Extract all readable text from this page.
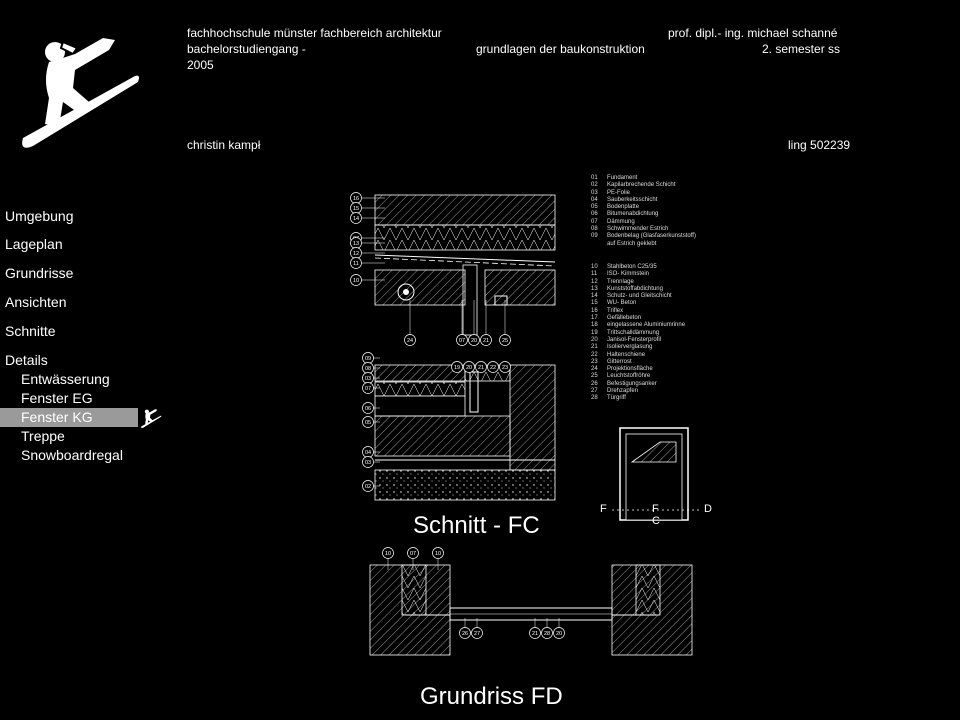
fachhochschule münster fachbereich architektur	prof. dipl.- ing. michael schanné
bachelorstudiengang -	grundlagen der baukonstruktion	2. semester ss
2005
christin kampł	ling 502239
Umgebung
Lageplan
Grundrisse
Ansichten
Schnitte
Details
Entwässerung
Fenster EG
Fenster KG
Treppe
Snowboardregal
Schnitt - FC
Grundriss FD
F	F
C
D
16
15
14
13
12
11
10
24	07 20 21 25
09
08
03
07
06
05
04
03
02
19 20 21 22 23
10	07	10
26 27	21 28 20
01 Fundament
02 Kapilarbrechende Schicht
03 PE-Folie
04 Sauberkeitsschicht
05 Bodenplatte
06 Bitumenabdichtung
07 Dämmung
08 Schwimmender Estrich
09 Bodenbelag (Glasfaserkunststoff)
auf Estrich geklebt
10 Stahlbeton C25/35
11 ISO- Kimmstein
12 Trennlage
13 Kunststoffabdichtung
14 Schutz- und Gleitschicht
15 WU- Beton
16 Triflex
17 Gefällebeton
18 eingelassene Aluminiumrinne
19 Trittschalldämmung
20 Janisol-Fensterprofil
21 Isolierverglasung
22 Haltenschiene
23 Gitterrost
24 Projektionsfläche
25 Leuchtstoffröhre
26 Befestigungsanker
27 Drehzapfen
28 Türgriff
